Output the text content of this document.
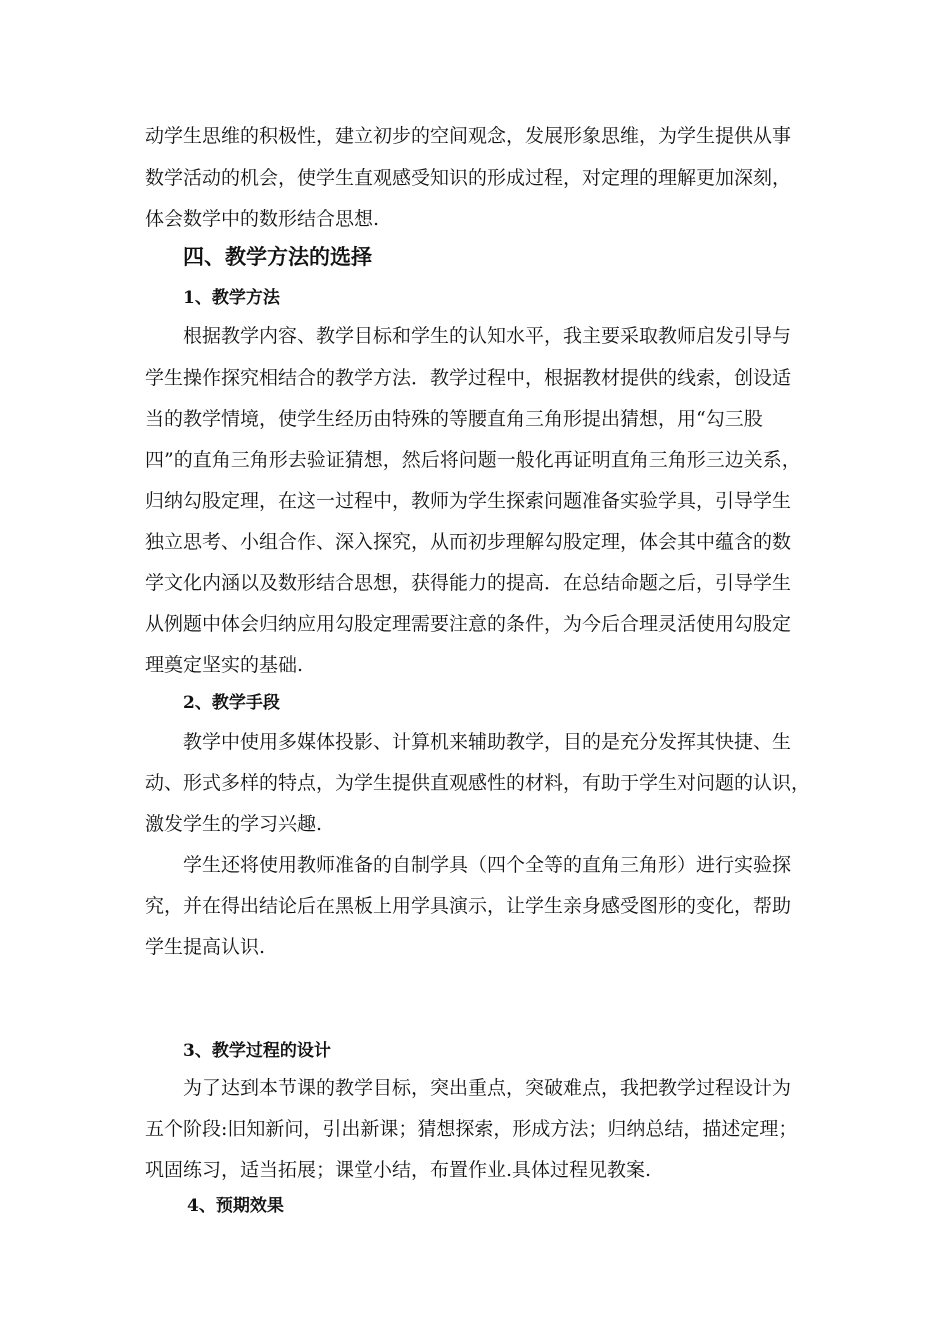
动学生思维的积极性，建立初步的空间观念，发展形象思维，为学生提供从事
数学活动的机会，使学生直观感受知识的形成过程，对定理的理解更加深刻，
体会数学中的数形结合思想.
四、教学方法的选择
1、教学方法
根据教学内容、教学目标和学生的认知水平，我主要采取教师启发引导与
学生操作探究相结合的教学方法．教学过程中，根据教材提供的线索，创设适
当的教学情境，使学生经历由特殊的等腰直角三角形提出猜想，用“勾三股
四”的直角三角形去验证猜想，然后将问题一般化再证明直角三角形三边关系，
归纳勾股定理，在这一过程中，教师为学生探索问题准备实验学具，引导学生
独立思考、小组合作、深入探究，从而初步理解勾股定理，体会其中蕴含的数
学文化内涵以及数形结合思想，获得能力的提高．在总结命题之后，引导学生
从例题中体会归纳应用勾股定理需要注意的条件，为今后合理灵活使用勾股定
理奠定坚实的基础.
2、教学手段
教学中使用多媒体投影、计算机来辅助教学，目的是充分发挥其快捷、生
动、形式多样的特点，为学生提供直观感性的材料，有助于学生对问题的认识，
激发学生的学习兴趣.
学生还将使用教师准备的自制学具（四个全等的直角三角形）进行实验探
究，并在得出结论后在黑板上用学具演示，让学生亲身感受图形的变化，帮助
学生提高认识.
3、教学过程的设计
为了达到本节课的教学目标，突出重点，突破难点，我把教学过程设计为
五个阶段:旧知新问，引出新课；猜想探索，形成方法；归纳总结，描述定理；
巩固练习，适当拓展；课堂小结，布置作业.具体过程见教案.
4、预期效果
